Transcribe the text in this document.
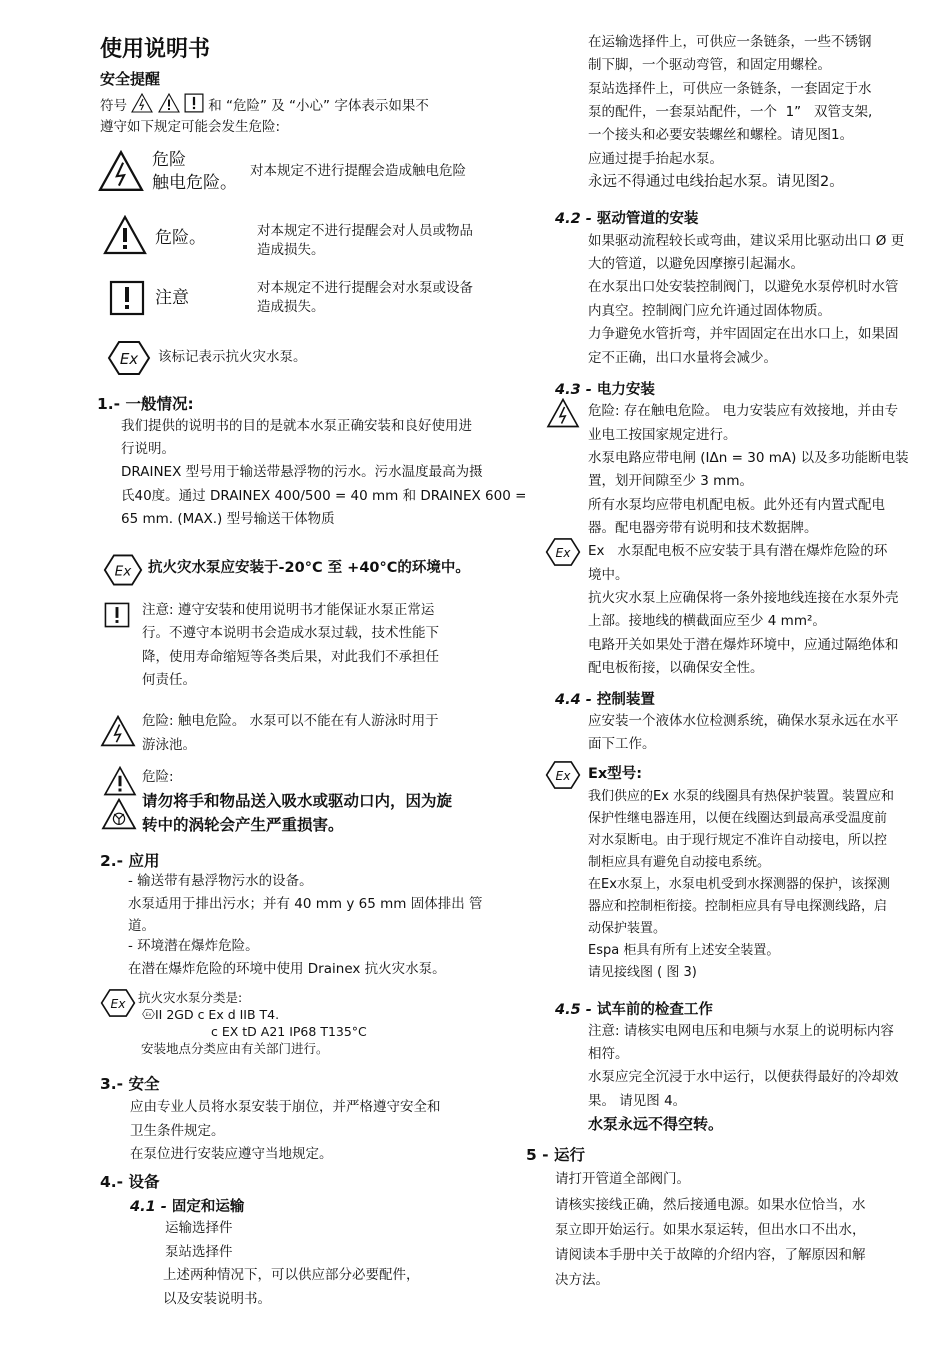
使用说明书
安全提醒
符号	和 “危险” 及 “小心” 字体表示如果不
遵守如下规定可能会发生危险:
危险
触电危险。
对本规定不进行提醒会造成触电危险
危险。	对本规定不进行提醒会对人员或物品
造成损失。
注意	对本规定不进行提醒会对水泵或设备
造成损失。
该标记表示抗火灾水泵。
1.- 一般情况:
我们提供的说明书的目的是就本水泵正确安装和良好使用进
行说明。
DRAINEX 型号用于输送带悬浮物的污水。污水温度最高为摄
氏40度。通过 DRAINEX 400/500 = 40 mm 和 DRAINEX 600 =
65 mm. (MAX.) 型号输送干体物质
抗火灾水泵应安装于-20°C 至 +40°C的环境中。
注意: 遵守安装和使用说明书才能保证水泵正常运
行。不遵守本说明书会造成水泵过载，技术性能下
降，使用寿命缩短等各类后果，对此我们不承担任
何责任。
危险: 触电危险。 水泵可以不能在有人游泳时用于
游泳池。
危险:
请勿将手和物品送入吸水或驱动口内，因为旋
转中的涡轮会产生严重损害。
2.- 应用
- 输送带有悬浮物污水的设备。
水泵适用于排出污水；并有 40 mm y 65 mm 固体排出 管
道。
- 环境潜在爆炸危险。
在潜在爆炸危险的环境中使用 Drainex 抗火灾水泵。
抗火灾水泵分类是:
II 2GD c Ex d IIB T4.
c EX tD A21 IP68 T135°C
安装地点分类应由有关部门进行。
3.- 安全
应由专业人员将水泵安装于崩位，并严格遵守安全和
卫生条件规定。
在泵位进行安装应遵守当地规定。
4.- 设备
4.1 - 固定和运输
运输选择件
泵站选择件
上述两种情况下，可以供应部分必要配件，
以及安装说明书。
在运输选择件上，可供应一条链条，一些不锈钢
制下脚，一个驱动弯管，和固定用螺栓。
泵站选择件上，可供应一条链条，一套固定于水
泵的配件，一套泵站配件，一个  1”   双管支架,
一个接头和必要安装螺丝和螺栓。请见图1。
应通过提手抬起水泵。
永远不得通过电线抬起水泵。请见图2。
4.2 - 驱动管道的安装
如果驱动流程较长或弯曲，建议采用比驱动出口 Ø 更
大的管道，以避免因摩擦引起漏水。
在水泵出口处安装控制阀门，以避免水泵停机时水管
内真空。控制阀门应允许通过固体物质。
力争避免水管折弯，并牢固固定在出水口上，如果固
定不正确，出口水量将会减少。
4.3 - 电力安装
危险: 存在触电危险。 电力安装应有效接地，并由专
业电工按国家规定进行。
水泵电路应带电闸 (IΔn = 30 mA) 以及多功能断电装
置，划开间隙至少 3 mm。
所有水泵均应带电机配电板。此外还有内置式配电
器。配电器旁带有说明和技术数据牌。
Ex   水泵配电板不应安装于具有潜在爆炸危险的环
境中。
抗火灾水泵上应确保将一条外接地线连接在水泵外壳
上部。接地线的横截面应至少 4 mm²。
电路开关如果处于潜在爆炸环境中，应通过隔绝体和
配电板衔接，以确保安全性。
4.4 - 控制装置
应安装一个液体水位检测系统，确保水泵永远在水平
面下工作。
Ex型号:
我们供应的Ex 水泵的线圈具有热保护装置。装置应和
保护性继电器连用，以便在线圈达到最高承受温度前
对水泵断电。由于现行规定不准许自动接电，所以控
制柜应具有避免自动接电系统。
在Ex水泵上，水泵电机受到水探测器的保护，该探测
器应和控制柜衔接。控制柜应具有导电探测线路，启
动保护装置。
Espa 柜具有所有上述安全装置。
请见接线图 ( 图 3)
4.5 - 试车前的检查工作
注意: 请核实电网电压和电频与水泵上的说明标内容
相符。
水泵应完全沉浸于水中运行，以便获得最好的冷却效
果。 请见图 4。
水泵永远不得空转。
5 - 运行
请打开管道全部阀门。
请核实接线正确，然后接通电源。如果水位恰当，水
泵立即开始运行。如果水泵运转，但出水口不出水，
请阅读本手册中关于故障的介绍内容，了解原因和解
决方法。
